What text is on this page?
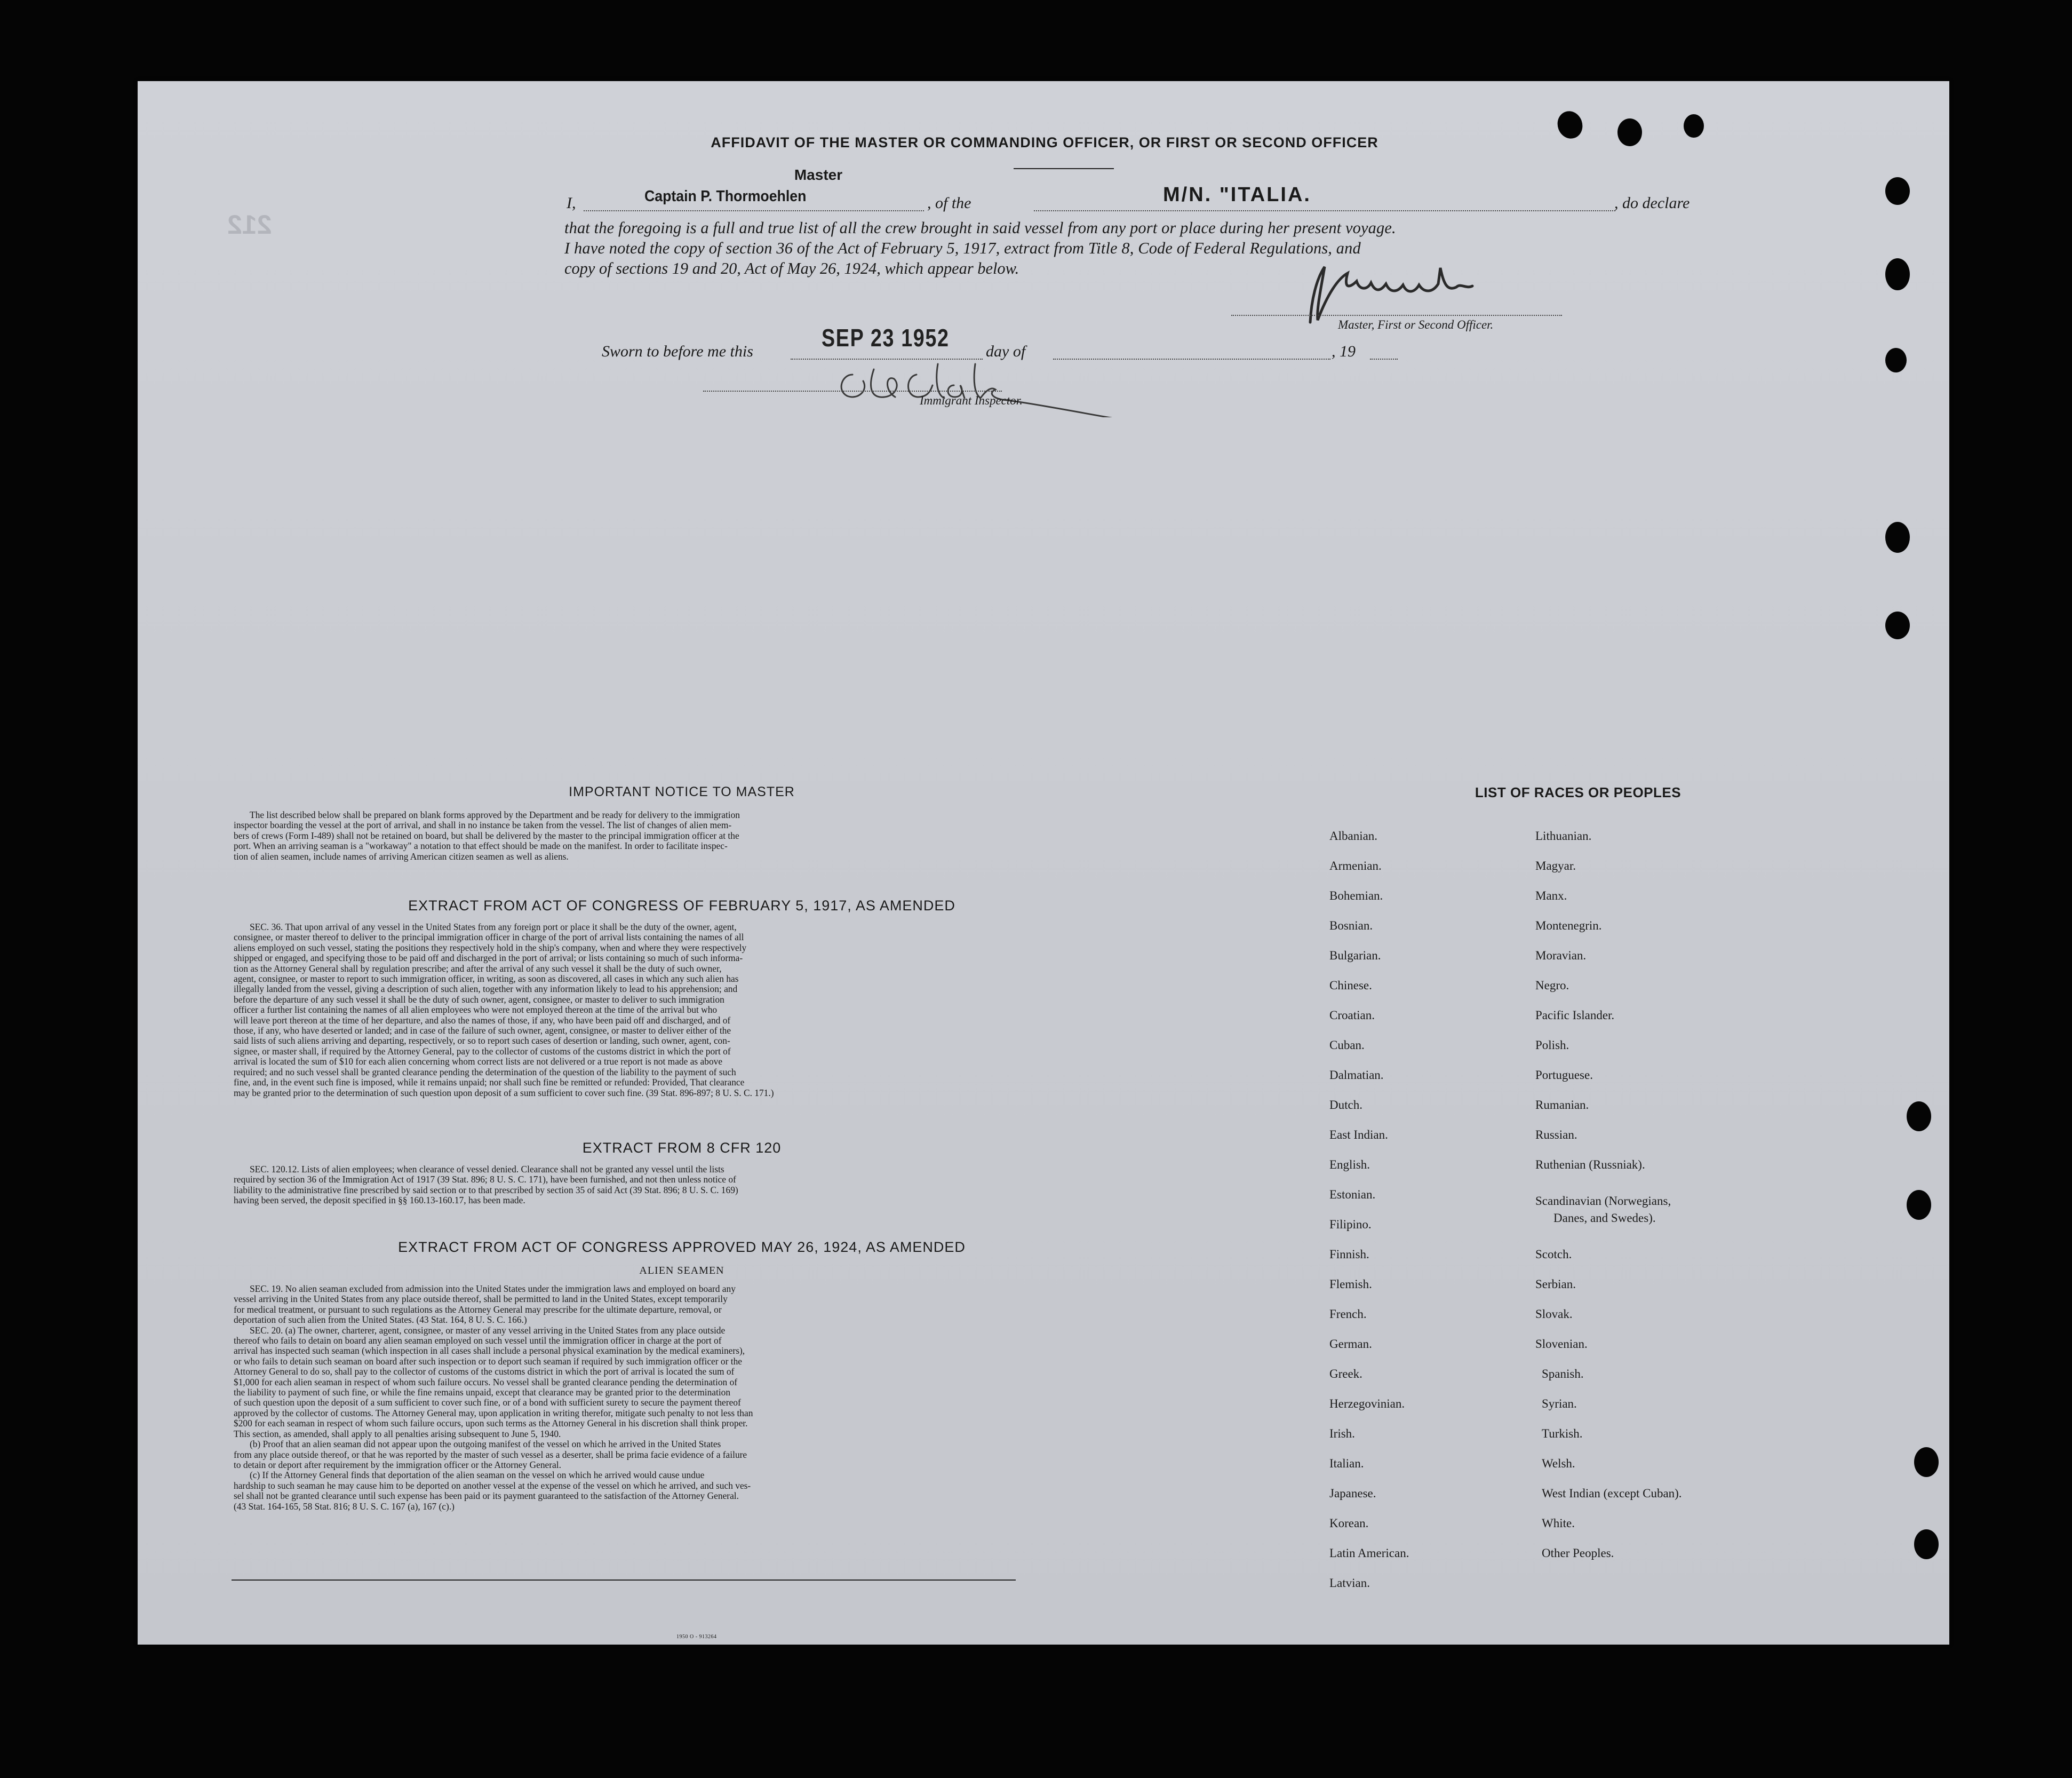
212
AFFIDAVIT OF THE MASTER OR COMMANDING OFFICER, OR FIRST OR SECOND OFFICER
Master
I,	Captain P. Thormoehlen	, of the	M/N. "ITALIA.	, do declare
that the foregoing is a full and true list of all the crew brought in said vessel from any port or place during her present voyage.
I have noted the copy of section 36 of the Act of February 5, 1917, extract from Title 8, Code of Federal Regulations, and
copy of sections 19 and 20, Act of May 26, 1924, which appear below.
Master, First or Second Officer.
Sworn to before me this	SEP 23 1952 day of	, 19
Immigrant Inspector.
IMPORTANT NOTICE TO MASTER
The list described below shall be prepared on blank forms approved by the Department and be ready for delivery to the immigration
inspector boarding the vessel at the port of arrival, and shall in no instance be taken from the vessel. The list of changes of alien mem-
bers of crews (Form I-489) shall not be retained on board, but shall be delivered by the master to the principal immigration officer at the
port. When an arriving seaman is a "workaway" a notation to that effect should be made on the manifest. In order to facilitate inspec-
tion of alien seamen, include names of arriving American citizen seamen as well as aliens.
EXTRACT FROM ACT OF CONGRESS OF FEBRUARY 5, 1917, AS AMENDED
SEC. 36. That upon arrival of any vessel in the United States from any foreign port or place it shall be the duty of the owner, agent,
consignee, or master thereof to deliver to the principal immigration officer in charge of the port of arrival lists containing the names of all
aliens employed on such vessel, stating the positions they respectively hold in the ship's company, when and where they were respectively
shipped or engaged, and specifying those to be paid off and discharged in the port of arrival; or lists containing so much of such informa-
tion as the Attorney General shall by regulation prescribe; and after the arrival of any such vessel it shall be the duty of such owner,
agent, consignee, or master to report to such immigration officer, in writing, as soon as discovered, all cases in which any such alien has
illegally landed from the vessel, giving a description of such alien, together with any information likely to lead to his apprehension; and
before the departure of any such vessel it shall be the duty of such owner, agent, consignee, or master to deliver to such immigration
officer a further list containing the names of all alien employees who were not employed thereon at the time of the arrival but who
will leave port thereon at the time of her departure, and also the names of those, if any, who have been paid off and discharged, and of
those, if any, who have deserted or landed; and in case of the failure of such owner, agent, consignee, or master to deliver either of the
said lists of such aliens arriving and departing, respectively, or so to report such cases of desertion or landing, such owner, agent, con-
signee, or master shall, if required by the Attorney General, pay to the collector of customs of the customs district in which the port of
arrival is located the sum of $10 for each alien concerning whom correct lists are not delivered or a true report is not made as above
required; and no such vessel shall be granted clearance pending the determination of the question of the liability to the payment of such
fine, and, in the event such fine is imposed, while it remains unpaid; nor shall such fine be remitted or refunded: Provided, That clearance
may be granted prior to the determination of such question upon deposit of a sum sufficient to cover such fine. (39 Stat. 896-897; 8 U. S. C. 171.)
EXTRACT FROM 8 CFR 120
SEC. 120.12. Lists of alien employees; when clearance of vessel denied. Clearance shall not be granted any vessel until the lists
required by section 36 of the Immigration Act of 1917 (39 Stat. 896; 8 U. S. C. 171), have been furnished, and not then unless notice of
liability to the administrative fine prescribed by said section or to that prescribed by section 35 of said Act (39 Stat. 896; 8 U. S. C. 169)
having been served, the deposit specified in §§ 160.13-160.17, has been made.
EXTRACT FROM ACT OF CONGRESS APPROVED MAY 26, 1924, AS AMENDED
ALIEN SEAMEN
SEC. 19. No alien seaman excluded from admission into the United States under the immigration laws and employed on board any
vessel arriving in the United States from any place outside thereof, shall be permitted to land in the United States, except temporarily
for medical treatment, or pursuant to such regulations as the Attorney General may prescribe for the ultimate departure, removal, or
deportation of such alien from the United States. (43 Stat. 164, 8 U. S. C. 166.)
SEC. 20. (a) The owner, charterer, agent, consignee, or master of any vessel arriving in the United States from any place outside
thereof who fails to detain on board any alien seaman employed on such vessel until the immigration officer in charge at the port of
arrival has inspected such seaman (which inspection in all cases shall include a personal physical examination by the medical examiners),
or who fails to detain such seaman on board after such inspection or to deport such seaman if required by such immigration officer or the
Attorney General to do so, shall pay to the collector of customs of the customs district in which the port of arrival is located the sum of
$1,000 for each alien seaman in respect of whom such failure occurs. No vessel shall be granted clearance pending the determination of
the liability to payment of such fine, or while the fine remains unpaid, except that clearance may be granted prior to the determination
of such question upon the deposit of a sum sufficient to cover such fine, or of a bond with sufficient surety to secure the payment thereof
approved by the collector of customs. The Attorney General may, upon application in writing therefor, mitigate such penalty to not less than
$200 for each seaman in respect of whom such failure occurs, upon such terms as the Attorney General in his discretion shall think proper.
This section, as amended, shall apply to all penalties arising subsequent to June 5, 1940.
(b) Proof that an alien seaman did not appear upon the outgoing manifest of the vessel on which he arrived in the United States
from any place outside thereof, or that he was reported by the master of such vessel as a deserter, shall be prima facie evidence of a failure
to detain or deport after requirement by the immigration officer or the Attorney General.
(c) If the Attorney General finds that deportation of the alien seaman on the vessel on which he arrived would cause undue
hardship to such seaman he may cause him to be deported on another vessel at the expense of the vessel on which he arrived, and such ves-
sel shall not be granted clearance until such expense has been paid or its payment guaranteed to the satisfaction of the Attorney General.
(43 Stat. 164-165, 58 Stat. 816; 8 U. S. C. 167 (a), 167 (c).)
1950 O - 913264
LIST OF RACES OR PEOPLES
Albanian.
Armenian.
Bohemian.
Bosnian.
Bulgarian.
Chinese.
Croatian.
Cuban.
Dalmatian.
Dutch.
East Indian.
English.
Estonian.
Filipino.
Finnish.
Flemish.
French.
German.
Greek.
Herzegovinian.
Irish.
Italian.
Japanese.
Korean.
Latin American.
Latvian.
Lithuanian.
Magyar.
Manx.
Montenegrin.
Moravian.
Negro.
Pacific Islander.
Polish.
Portuguese.
Rumanian.
Russian.
Ruthenian (Russniak).
Scandinavian (Norwegians,
Danes, and Swedes).
Scotch.
Serbian.
Slovak.
Slovenian.
Spanish.
Syrian.
Turkish.
Welsh.
West Indian (except Cuban).
White.
Other Peoples.
